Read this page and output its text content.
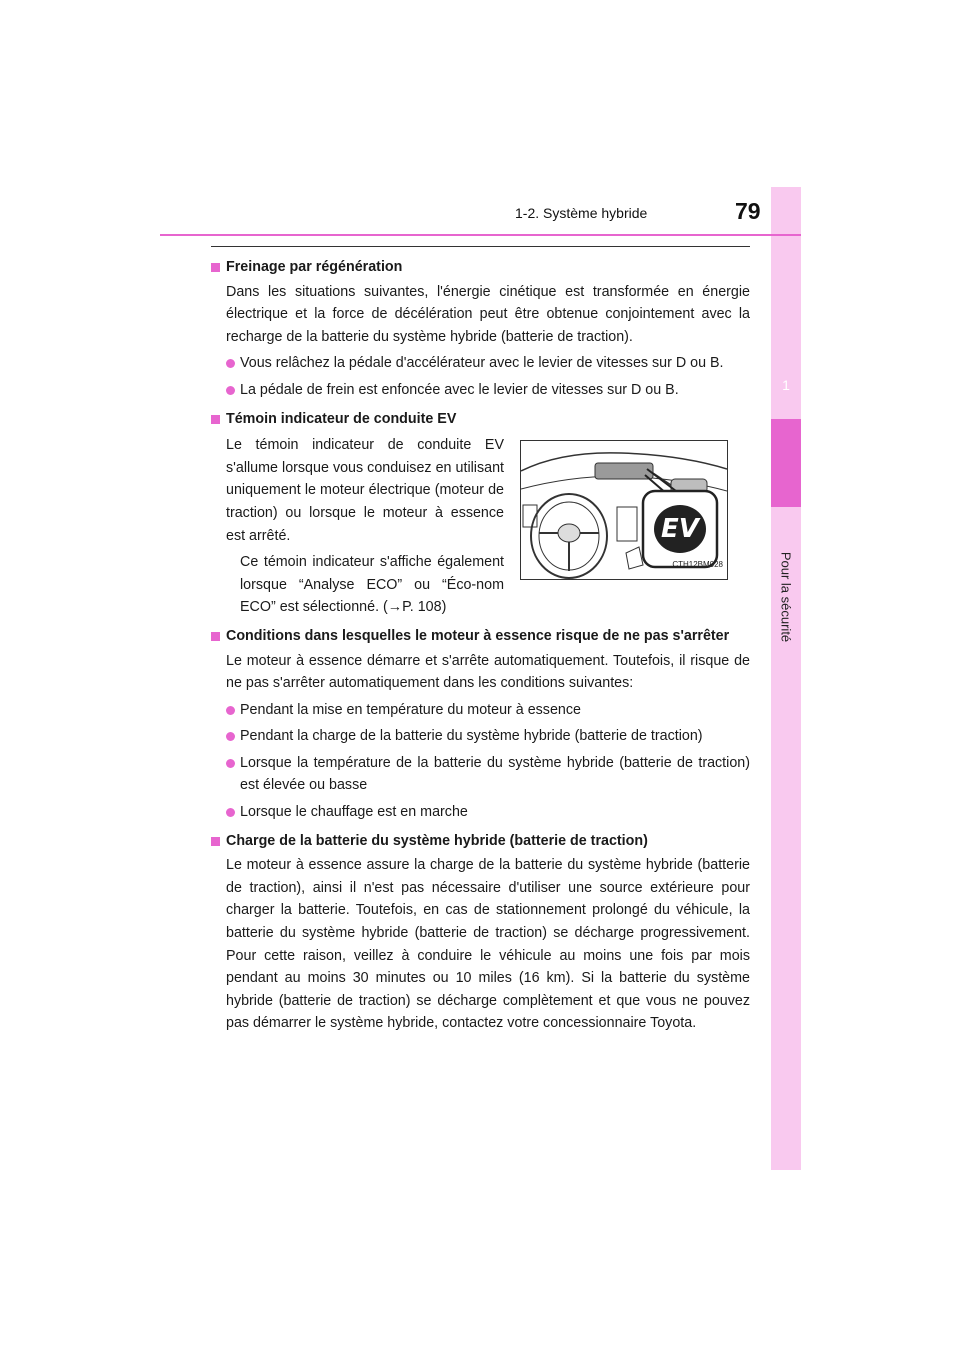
1
Pour la sécurité
1-2. Système hybride	79
Freinage par régénération
Dans les situations suivantes, l'énergie cinétique est transformée en énergie électrique et la force de décélération peut être obtenue conjointement avec la recharge de la batterie du système hybride (batterie de traction).
Vous relâchez la pédale d'accélérateur avec le levier de vitesses sur D ou B.
La pédale de frein est enfoncée avec le levier de vitesses sur D ou B.
Témoin indicateur de conduite EV
Le témoin indicateur de conduite EV s'allume lorsque vous conduisez en utilisant uniquement le moteur électrique (moteur de traction) ou lorsque le moteur à essence est arrêté.
Ce témoin indicateur s'affiche également lorsque “Analyse ECO” ou “Éco-nom ECO” est sélectionné. (→P. 108)
EV
CTH12BM028
Conditions dans lesquelles le moteur à essence risque de ne pas s'arrêter
Le moteur à essence démarre et s'arrête automatiquement. Toutefois, il risque de ne pas s'arrêter automatiquement dans les conditions suivantes:
Pendant la mise en température du moteur à essence
Pendant la charge de la batterie du système hybride (batterie de traction)
Lorsque la température de la batterie du système hybride (batterie de traction) est élevée ou basse
Lorsque le chauffage est en marche
Charge de la batterie du système hybride (batterie de traction)
Le moteur à essence assure la charge de la batterie du système hybride (batterie de traction), ainsi il n'est pas nécessaire d'utiliser une source extérieure pour charger la batterie. Toutefois, en cas de stationnement prolongé du véhicule, la batterie du système hybride (batterie de traction) se décharge progressivement. Pour cette raison, veillez à conduire le véhicule au moins une fois par mois pendant au moins 30 minutes ou 10 miles (16 km). Si la batterie du système hybride (batterie de traction) se décharge complètement et que vous ne pouvez pas démarrer le système hybride, contactez votre concessionnaire Toyota.
